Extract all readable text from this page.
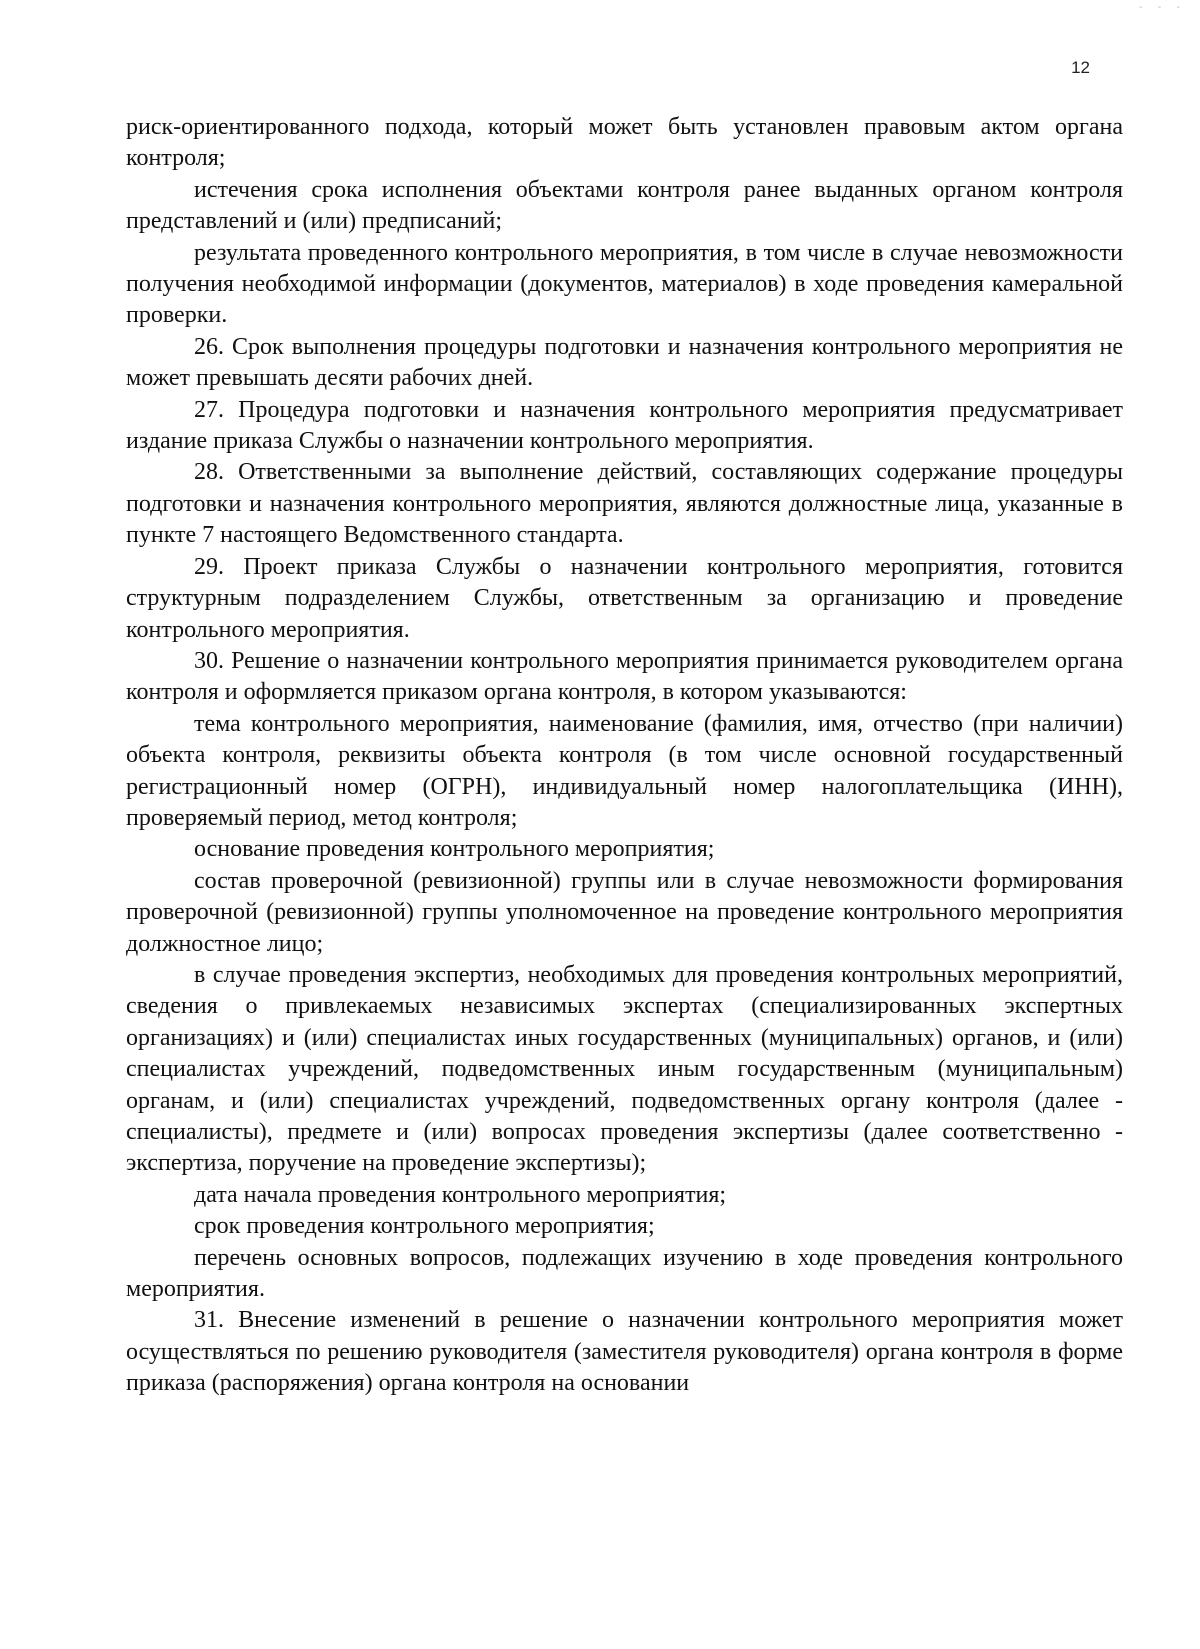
- - -
12

риск-ориентированного подхода, который может быть установлен правовым актом органа контроля;

истечения срока исполнения объектами контроля ранее выданных органом контроля представлений и (или) предписаний;

результата проведенного контрольного мероприятия, в том числе в случае невозможности получения необходимой информации (документов, материалов) в ходе проведения камеральной проверки.

26. Срок выполнения процедуры подготовки и назначения контрольного мероприятия не может превышать десяти рабочих дней.

27. Процедура подготовки и назначения контрольного мероприятия предусматривает издание приказа Службы о назначении контрольного мероприятия.

28. Ответственными за выполнение действий, составляющих содержание процедуры подготовки и назначения контрольного мероприятия, являются должностные лица, указанные в пункте 7 настоящего Ведомственного стандарта.

29. Проект приказа Службы о назначении контрольного мероприятия, готовится структурным подразделением Службы, ответственным за организацию и проведение контрольного мероприятия.

30. Решение о назначении контрольного мероприятия принимается руководителем органа контроля и оформляется приказом органа контроля, в котором указываются:

тема контрольного мероприятия, наименование (фамилия, имя, отчество (при наличии) объекта контроля, реквизиты объекта контроля (в том числе основной государственный регистрационный номер (ОГРН), индивидуальный номер налогоплательщика (ИНН), проверяемый период, метод контроля;

основание проведения контрольного мероприятия;

состав проверочной (ревизионной) группы или в случае невозможности формирования проверочной (ревизионной) группы уполномоченное на проведение контрольного мероприятия должностное лицо;

в случае проведения экспертиз, необходимых для проведения контрольных мероприятий, сведения о привлекаемых независимых экспертах (специализированных экспертных организациях) и (или) специалистах иных государственных (муниципальных) органов, и (или) специалистах учреждений, подведомственных иным государственным (муниципальным) органам, и (или) специалистах учреждений, подведомственных органу контроля (далее - специалисты), предмете и (или) вопросах проведения экспертизы (далее соответственно - экспертиза, поручение на проведение экспертизы);

дата начала проведения контрольного мероприятия;

срок проведения контрольного мероприятия;

перечень основных вопросов, подлежащих изучению в ходе проведения контрольного мероприятия.

31. Внесение изменений в решение о назначении контрольного мероприятия может осуществляться по решению руководителя (заместителя руководителя) органа контроля в форме приказа (распоряжения) органа контроля на основании
